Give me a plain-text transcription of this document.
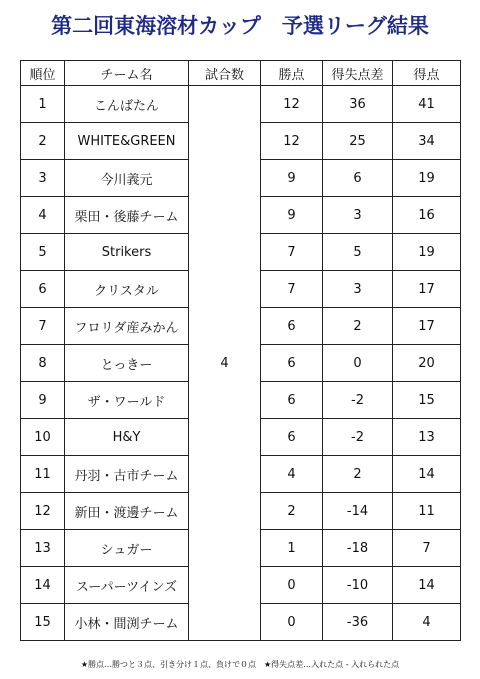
第二回東海溶材カップ　予選リーグ結果
順位	チーム名	試合数	勝点	得失点差	得点
1	こんばたん	4	12	36	41
2	WHITE&GREEN		12	25	34
3	今川義元		9	6	19
4	栗田・後藤チーム		9	3	16
5	Strikers		7	5	19
6	クリスタル		7	3	17
7	フロリダ産みかん		6	2	17
8	とっきー		6	0	20
9	ザ・ワールド		6	-2	15
10	H&Y		6	-2	13
11	丹羽・古市チーム		4	2	14
12	新田・渡邊チーム		2	-14	11
13	シュガー		1	-18	7
14	スーパーツインズ		0	-10	14
15	小林・間渕チーム		0	-36	4
★勝点…勝つと３点、引き分け１点、負けで０点　★得失点差…入れた点 - 入れられた点
